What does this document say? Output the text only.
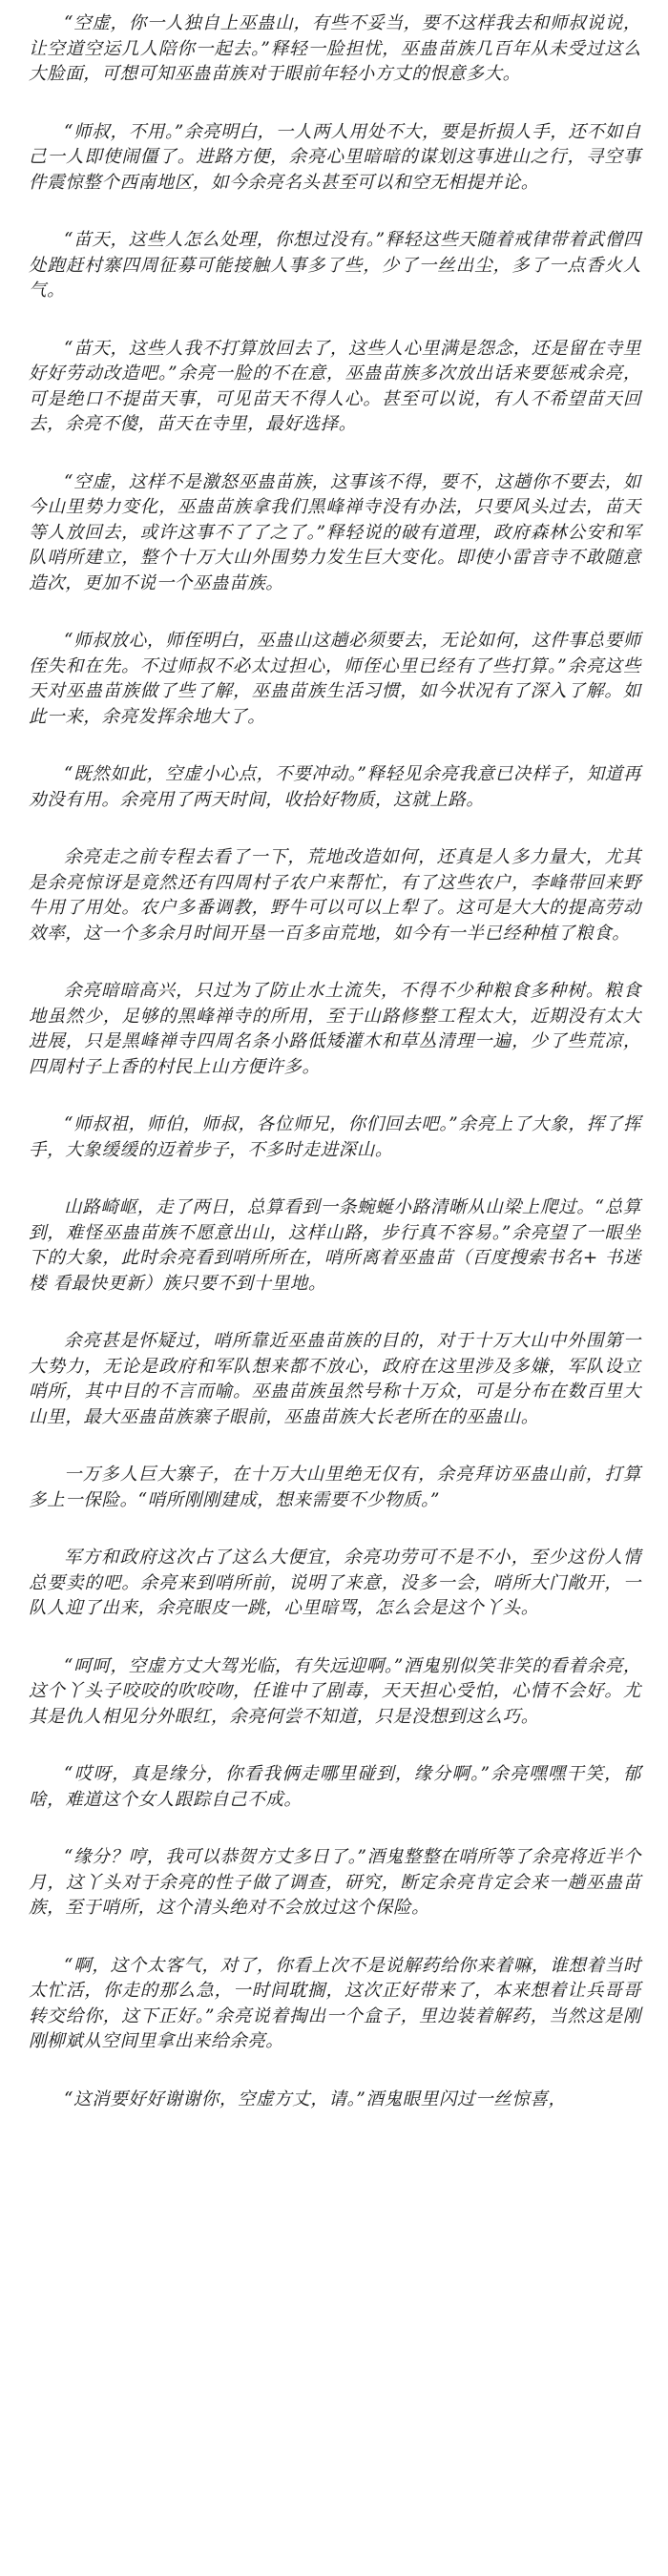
“空虚，你一人独自上巫蛊山，有些不妥当，要不这样我去和师叔说说，让空道空运几人陪你一起去。”释轻一脸担忧，巫蛊苗族几百年从未受过这么大脸面，可想可知巫蛊苗族对于眼前年轻小方丈的恨意多大。

“师叔，不用。”余亮明白，一人两人用处不大，要是折损人手，还不如自己一人即使闹僵了。进路方便，余亮心里暗暗的谋划这事进山之行，寻空事件震惊整个西南地区，如今余亮名头甚至可以和空无相提并论。

“苗天，这些人怎么处理，你想过没有。”释轻这些天随着戒律带着武僧四处跑赶村寨四周征募可能接触人事多了些，少了一丝出尘，多了一点香火人气。

“苗天，这些人我不打算放回去了，这些人心里满是怨念，还是留在寺里好好劳动改造吧。”余亮一脸的不在意，巫蛊苗族多次放出话来要惩戒余亮，可是绝口不提苗天事，可见苗天不得人心。甚至可以说，有人不希望苗天回去，余亮不傻，苗天在寺里，最好选择。

“空虚，这样不是激怒巫蛊苗族，这事该不得，要不，这趟你不要去，如今山里势力变化，巫蛊苗族拿我们黑峰禅寺没有办法，只要风头过去，苗天等人放回去，或许这事不了了之了。”释轻说的破有道理，政府森林公安和军队哨所建立，整个十万大山外围势力发生巨大变化。即使小雷音寺不敢随意造次，更加不说一个巫蛊苗族。

“师叔放心，师侄明白，巫蛊山这趟必须要去，无论如何，这件事总要师侄失和在先。不过师叔不必太过担心，师侄心里已经有了些打算。”余亮这些天对巫蛊苗族做了些了解，巫蛊苗族生活习惯，如今状况有了深入了解。如此一来，余亮发挥余地大了。

“既然如此，空虚小心点，不要冲动。”释轻见余亮我意已决样子，知道再劝没有用。余亮用了两天时间，收拾好物质，这就上路。

余亮走之前专程去看了一下，荒地改造如何，还真是人多力量大，尤其是余亮惊讶是竟然还有四周村子农户来帮忙，有了这些农户，李峰带回来野牛用了用处。农户多番调教，野牛可以可以上犁了。这可是大大的提高劳动效率，这一个多余月时间开垦一百多亩荒地，如今有一半已经种植了粮食。

余亮暗暗高兴，只过为了防止水土流失，不得不少种粮食多种树。粮食地虽然少，足够的黑峰禅寺的所用，至于山路修整工程太大，近期没有太大进展，只是黑峰禅寺四周名条小路低矮灌木和草丛清理一遍，少了些荒凉，四周村子上香的村民上山方便许多。

“师叔祖，师伯，师叔，各位师兄，你们回去吧。”余亮上了大象，挥了挥手，大象缓缓的迈着步子，不多时走进深山。

山路崎岖，走了两日，总算看到一条蜿蜒小路清晰从山梁上爬过。“总算到，难怪巫蛊苗族不愿意出山，这样山路，步行真不容易。”余亮望了一眼坐下的大象，此时余亮看到哨所所在，哨所离着巫蛊苗（百度搜索书名+ 书迷楼 看最快更新）族只要不到十里地。

余亮甚是怀疑过，哨所靠近巫蛊苗族的目的，对于十万大山中外围第一大势力，无论是政府和军队想来都不放心，政府在这里涉及多嫌，军队设立哨所，其中目的不言而喻。巫蛊苗族虽然号称十万众，可是分布在数百里大山里，最大巫蛊苗族寨子眼前，巫蛊苗族大长老所在的巫蛊山。

一万多人巨大寨子，在十万大山里绝无仅有，余亮拜访巫蛊山前，打算多上一保险。“哨所刚刚建成，想来需要不少物质。”

军方和政府这次占了这么大便宜，余亮功劳可不是不小，至少这份人情总要卖的吧。余亮来到哨所前，说明了来意，没多一会，哨所大门敞开，一队人迎了出来，余亮眼皮一跳，心里暗骂，怎么会是这个丫头。

“呵呵，空虚方丈大驾光临，有失远迎啊。”酒鬼别似笑非笑的看着余亮，这个丫头子咬咬的吹咬吻，任谁中了剧毒，天天担心受怕，心情不会好。尤其是仇人相见分外眼红，余亮何尝不知道，只是没想到这么巧。

“哎呀，真是缘分，你看我俩走哪里碰到，缘分啊。”余亮嘿嘿干笑，郁啥，难道这个女人跟踪自己不成。

“缘分？哼，我可以恭贺方丈多日了。”酒鬼整整在哨所等了余亮将近半个月，这丫头对于余亮的性子做了调查，研究，断定余亮肯定会来一趟巫蛊苗族，至于哨所，这个清头绝对不会放过这个保险。

“啊，这个太客气，对了，你看上次不是说解药给你来着嘛，谁想着当时太忙活，你走的那么急，一时间耽搁，这次正好带来了，本来想着让兵哥哥转交给你，这下正好。”余亮说着掏出一个盒子，里边装着解药，当然这是刚刚柳斌从空间里拿出来给余亮。

“这消要好好谢谢你，空虚方丈，请。”酒鬼眼里闪过一丝惊喜，
